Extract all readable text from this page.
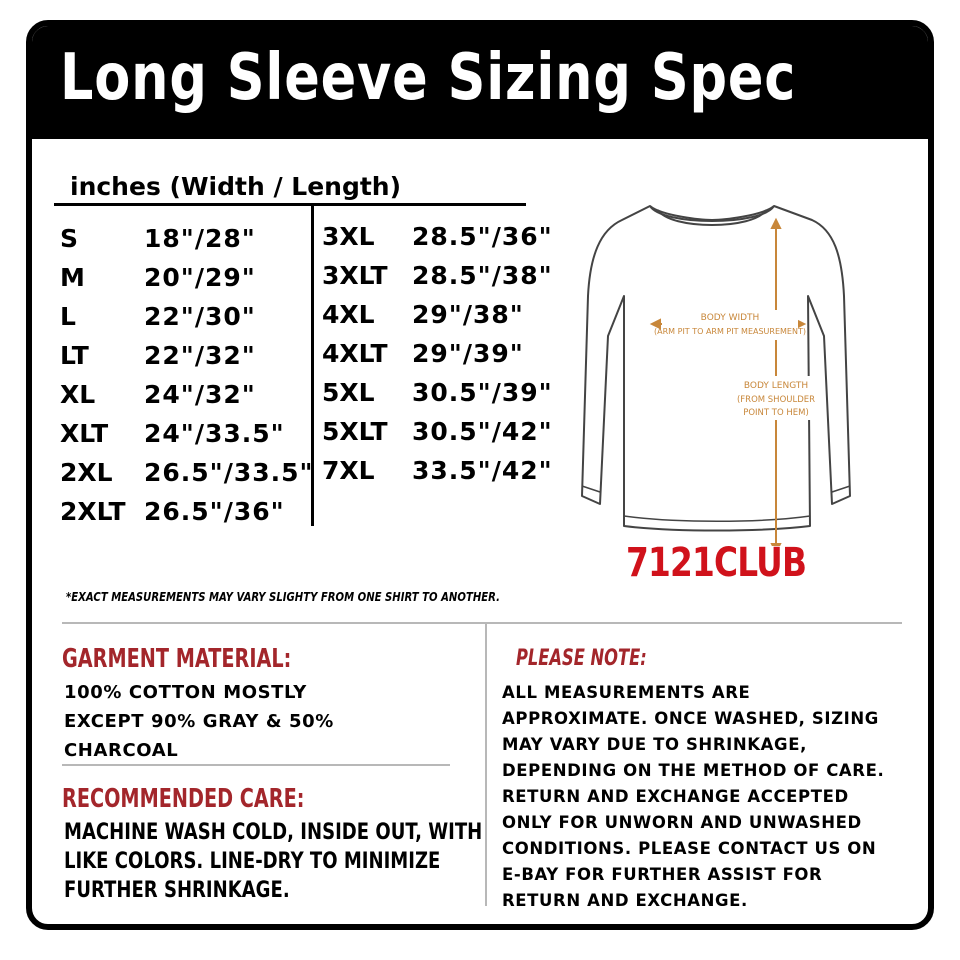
Long Sleeve Sizing Spec
inches (Width / Length)
S	18"/28"
M 20"/29"
L	22"/30"
LT 22"/32"
XL 24"/32"
XLT 24"/33.5"
2XL 26.5"/33.5"
2XLT 26.5"/36"
3XL 28.5"/36"
3XLT 28.5"/38"
4XL 29"/38"
4XLT 29"/39"
5XL 30.5"/39"
5XLT 30.5"/42"
7XL 33.5"/42"
BODY WIDTH
(ARM PIT TO ARM PIT MEASUREMENT)
BODY LENGTH
(FROM SHOULDER
POINT TO HEM)
7121CLUB
*EXACT MEASUREMENTS MAY VARY SLIGHTY FROM ONE SHIRT TO ANOTHER.
GARMENT MATERIAL:
100% COTTON MOSTLY
EXCEPT 90% GRAY & 50%
CHARCOAL
RECOMMENDED CARE:
MACHINE WASH COLD, INSIDE OUT, WITH
LIKE COLORS. LINE-DRY TO MINIMIZE
FURTHER SHRINKAGE.
PLEASE NOTE:
ALL MEASUREMENTS ARE
APPROXIMATE. ONCE WASHED, SIZING
MAY VARY DUE TO SHRINKAGE,
DEPENDING ON THE METHOD OF CARE.
RETURN AND EXCHANGE ACCEPTED
ONLY FOR UNWORN AND UNWASHED
CONDITIONS. PLEASE CONTACT US ON
E-BAY FOR FURTHER ASSIST FOR
RETURN AND EXCHANGE.
